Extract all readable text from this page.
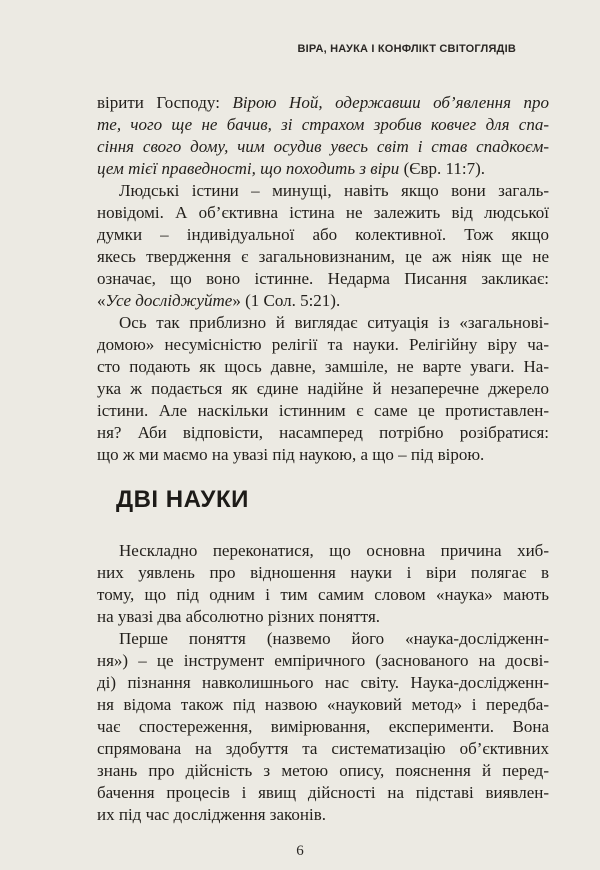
ВІРА, НАУКА І КОНФЛІКТ СВІТОГЛЯДІВ
вірити Господу: Вірою Ной, одержавши об’явлення про
те, чого ще не бачив, зі страхом зробив ковчег для спа-
сіння свого дому, чим осудив увесь світ і став спадкоєм-
цем тієї праведності, що походить з віри (Євр. 11:7).
Людські істини – минущі, навіть якщо вони загаль-
новідомі. А об’єктивна істина не залежить від людської
думки – індивідуальної або колективної. Тож якщо
якесь твердження є загальновизнаним, це аж ніяк ще не
означає, що воно істинне. Недарма Писання закликає:
«Усе досліджуйте» (1 Сол. 5:21).
Ось так приблизно й виглядає ситуація із «загальнові-
домою» несумісністю релігії та науки. Релігійну віру ча-
сто подають як щось давне, замшіле, не варте уваги. На-
ука ж подається як єдине надійне й незаперечне джерело
істини. Але наскільки істинним є саме це протиставлен-
ня? Аби відповісти, насамперед потрібно розібратися:
що ж ми маємо на увазі під наукою, а що – під вірою.
ДВІ НАУКИ
Нескладно переконатися, що основна причина хиб-
них уявлень про відношення науки і віри полягає в
тому, що під одним і тим самим словом «наука» мають
на увазі два абсолютно різних поняття.
Перше поняття (назвемо його «наука-дослідженн-
ня») – це інструмент емпіричного (заснованого на досві-
ді) пізнання навколишнього нас світу. Наука-дослідженн-
ня відома також під назвою «науковий метод» і передба-
чає спостереження, вимірювання, експерименти. Вона
спрямована на здобуття та систематизацію об’єктивних
знань про дійсність з метою опису, пояснення й перед-
бачення процесів і явищ дійсності на підставі виявлен-
их під час дослідження законів.
6
